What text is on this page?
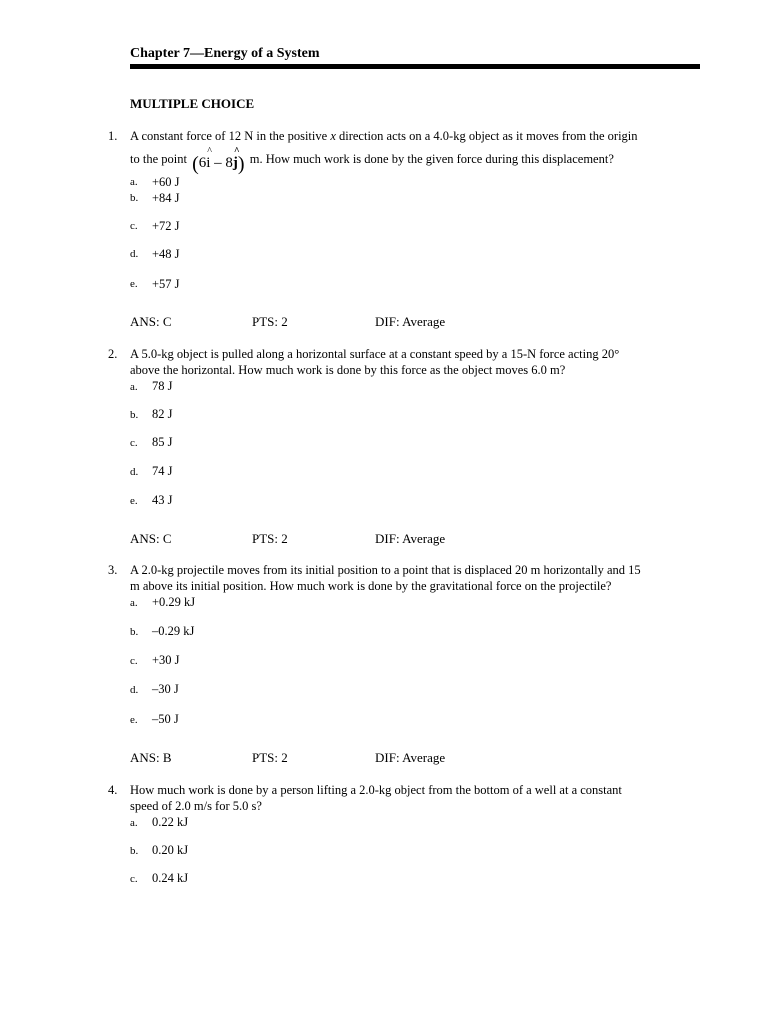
Chapter 7—Energy of a System
MULTIPLE CHOICE
1. A constant force of 12 N in the positive x direction acts on a 4.0-kg object as it moves from the origin
to the point (6i ^ – 8j ^) m. How much work is done by the given force during this displacement?
a. +60 J
b. +84 J
c. +72 J
d. +48 J
e. +57 J
ANS: C	PTS: 2	DIF: Average
2. A 5.0-kg object is pulled along a horizontal surface at a constant speed by a 15-N force acting 20°
above the horizontal. How much work is done by this force as the object moves 6.0 m?
a. 78 J
b. 82 J
c. 85 J
d. 74 J
e. 43 J
ANS: C	PTS: 2	DIF: Average
3. A 2.0-kg projectile moves from its initial position to a point that is displaced 20 m horizontally and 15
m above its initial position. How much work is done by the gravitational force on the projectile?
a. +0.29 kJ
b. –0.29 kJ
c. +30 J
d. –30 J
e. –50 J
ANS: B	PTS: 2	DIF: Average
4. How much work is done by a person lifting a 2.0-kg object from the bottom of a well at a constant
speed of 2.0 m/s for 5.0 s?
a. 0.22 kJ
b. 0.20 kJ
c. 0.24 kJ
